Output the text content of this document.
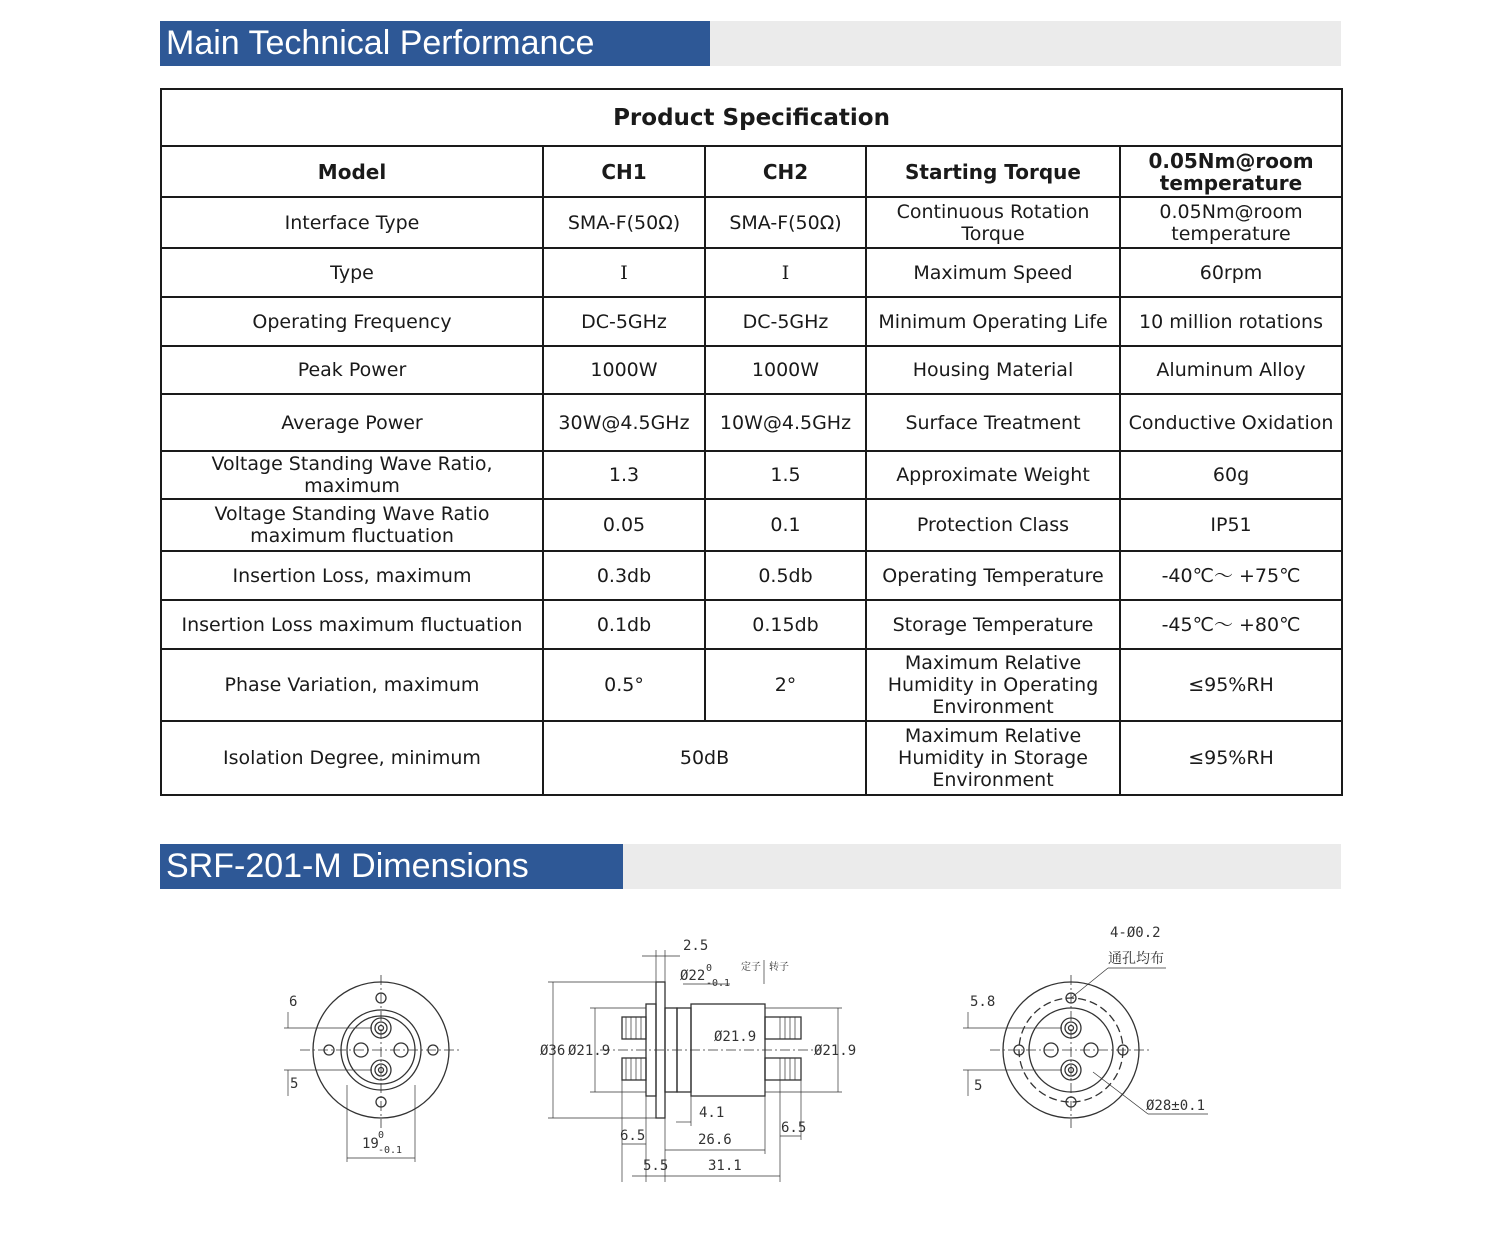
Main Technical Performance
Product Specification				
Model	CH1	CH2	Starting Torque	0.05Nm@room temperature
Interface Type	SMA-F(50Ω)	SMA-F(50Ω)	Continuous Rotation Torque	0.05Nm@room temperature
Type	I	I	Maximum Speed	60rpm
Operating Frequency	DC-5GHz	DC-5GHz	Minimum Operating Life	10 million rotations
Peak Power	1000W	1000W	Housing Material	Aluminum Alloy
Average Power	30W@4.5GHz	10W@4.5GHz	Surface Treatment	Conductive Oxidation
Voltage Standing Wave Ratio, maximum	1.3	1.5	Approximate Weight	60g
Voltage Standing Wave Ratio maximum fluctuation	0.05	0.1	Protection Class	IP51
Insertion Loss, maximum	0.3db	0.5db	Operating Temperature	-40℃～ +75℃
Insertion Loss maximum fluctuation	0.1db	0.15db	Storage Temperature	-45℃～ +80℃
Phase Variation, maximum	0.5°	2°	Maximum Relative Humidity in Operating Environment	≤95%RH
Isolation Degree, minimum	50dB		Maximum Relative Humidity in Storage Environment	≤95%RH
SRF-201-M Dimensions
6
5
19
0
-0.1
2.5
Ø22 0
-0.1
定子 转子
Ø36 Ø21.9
Ø21.9
Ø21.9
4.1
6.5	26.6
6.5
5.5	31.1
4-Ø0.2
通孔均布
5.8
5
Ø28±0.1
